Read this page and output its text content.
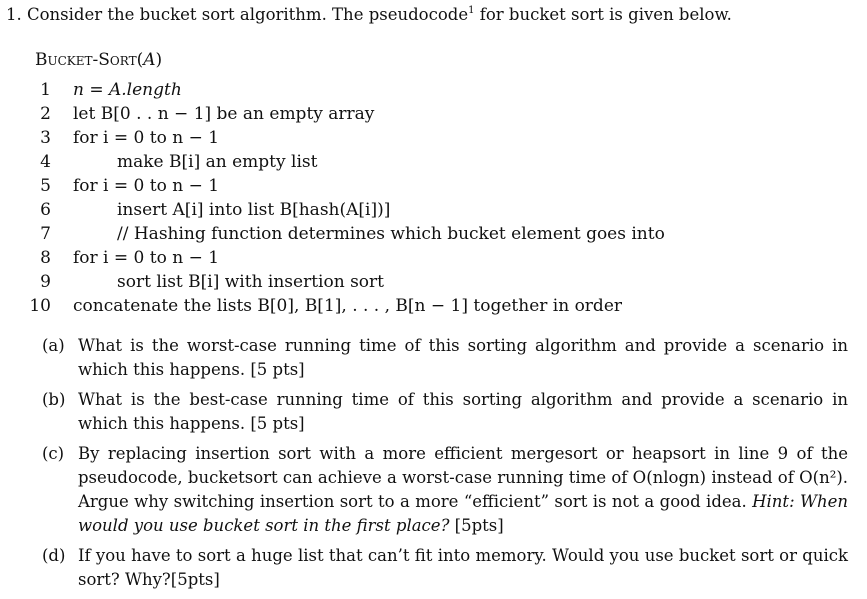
1. Consider the bucket sort algorithm. The pseudocode$^1$ for bucket sort is given below.
Bucket-Sort(A)
1 n = A.length
2 let B[0 . . n − 1] be an empty array
3 for i = 0 to n − 1
4	make B[i] an empty list
5 for i = 0 to n − 1
6	insert A[i] into list B[hash(A[i])]
7	// Hashing function determines which bucket element goes into
8 for i = 0 to n − 1
9	sort list B[i] with insertion sort
10 concatenate the lists B[0], B[1], . . . , B[n − 1] together in order
(a) What is the worst-case running time of this sorting algorithm and provide a scenario in which this happens. [5 pts]
(b) What is the best-case running time of this sorting algorithm and provide a scenario in which this happens. [5 pts]
(c) By replacing insertion sort with a more efficient mergesort or heapsort in line 9 of the pseudocode, bucketsort can achieve a worst-case running time of O(nlogn) instead of O(n²). Argue why switching insertion sort to a more “efficient” sort is not a good idea. Hint: When would you use bucket sort in the first place? [5pts]
(d) If you have to sort a huge list that can’t fit into memory. Would you use bucket sort or quick sort? Why?[5pts]
